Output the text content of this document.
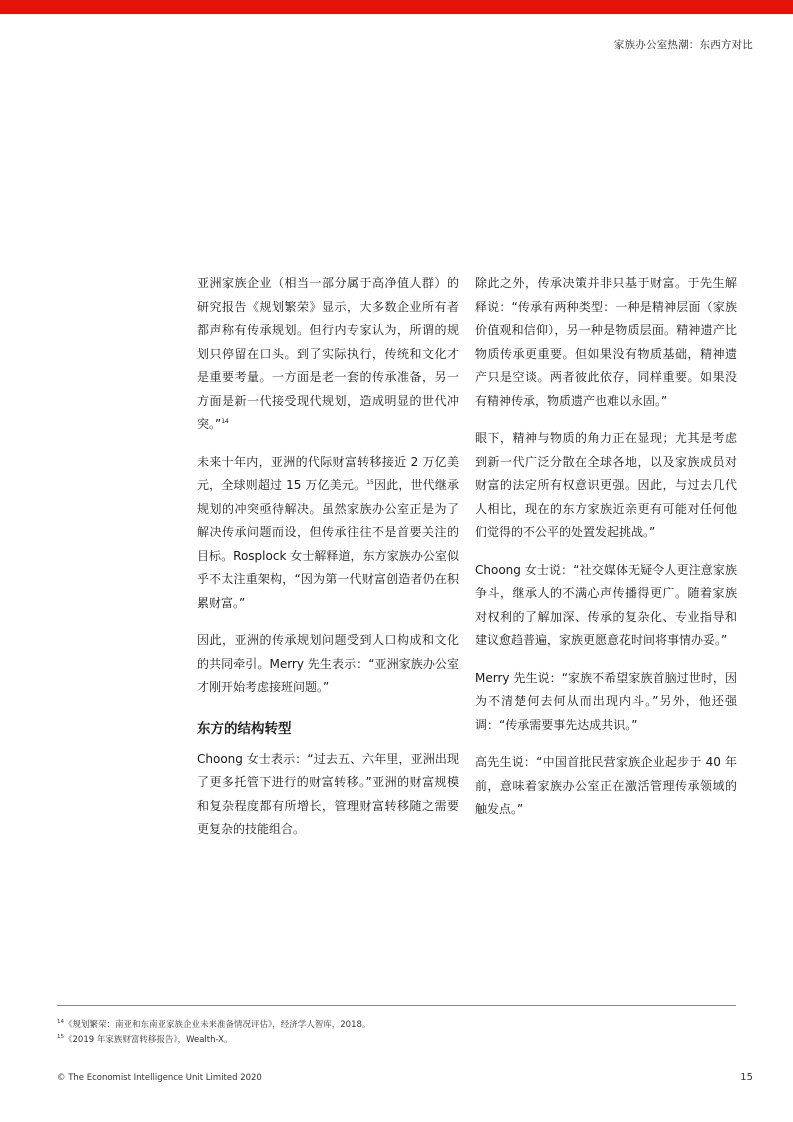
家族办公室热潮：东西方对比

亚洲家族企业（相当一部分属于高净值人群）的研究报告《规划繁荣》显示，大多数企业所有者都声称有传承规划。但行内专家认为，所谓的规划只停留在口头。到了实际执行，传统和文化才是重要考量。一方面是老一套的传承准备，另一方面是新一代接受现代规划，造成明显的世代冲突。”$^{14}$

未来十年内，亚洲的代际财富转移接近 2 万亿美元，全球则超过 15 万亿美元。$^{15}$因此，世代继承规划的冲突亟待解决。虽然家族办公室正是为了解决传承问题而设，但传承往往不是首要关注的目标。Rosplock 女士解释道，东方家族办公室似乎不太注重架构，“因为第一代财富创造者仍在积累财富。”

因此，亚洲的传承规划问题受到人口构成和文化的共同牵引。Merry 先生表示：“亚洲家族办公室才刚开始考虑接班问题。”

东方的结构转型

Choong 女士表示：“过去五、六年里，亚洲出现了更多托管下进行的财富转移。”亚洲的财富规模和复杂程度都有所增长，管理财富转移随之需要更复杂的技能组合。

除此之外，传承决策并非只基于财富。于先生解释说：“传承有两种类型：一种是精神层面（家族价值观和信仰），另一种是物质层面。精神遗产比物质传承更重要。但如果没有物质基础，精神遗产只是空谈。两者彼此依存，同样重要。如果没有精神传承，物质遗产也难以永固。”

眼下，精神与物质的角力正在显现；尤其是考虑到新一代广泛分散在全球各地，以及家族成员对财富的法定所有权意识更强。因此，与过去几代人相比，现在的东方家族近亲更有可能对任何他们觉得的不公平的处置发起挑战。”

Choong 女士说：“社交媒体无疑令人更注意家族争斗，继承人的不满心声传播得更广。随着家族对权利的了解加深、传承的复杂化、专业指导和建议愈趋普遍，家族更愿意花时间将事情办妥。”

Merry 先生说：“家族不希望家族首脑过世时，因为不清楚何去何从而出现内斗。”另外，他还强调：“传承需要事先达成共识。”

高先生说：“中国首批民营家族企业起步于 40 年前，意味着家族办公室正在激活管理传承领域的触发点。”

$^{14}$《规划繁荣：南亚和东南亚家族企业未来准备情况评估》，经济学人智库，2018。
$^{15}$《2019 年家族财富转移报告》，Wealth-X。
© The Economist Intelligence Unit Limited 2020	15
